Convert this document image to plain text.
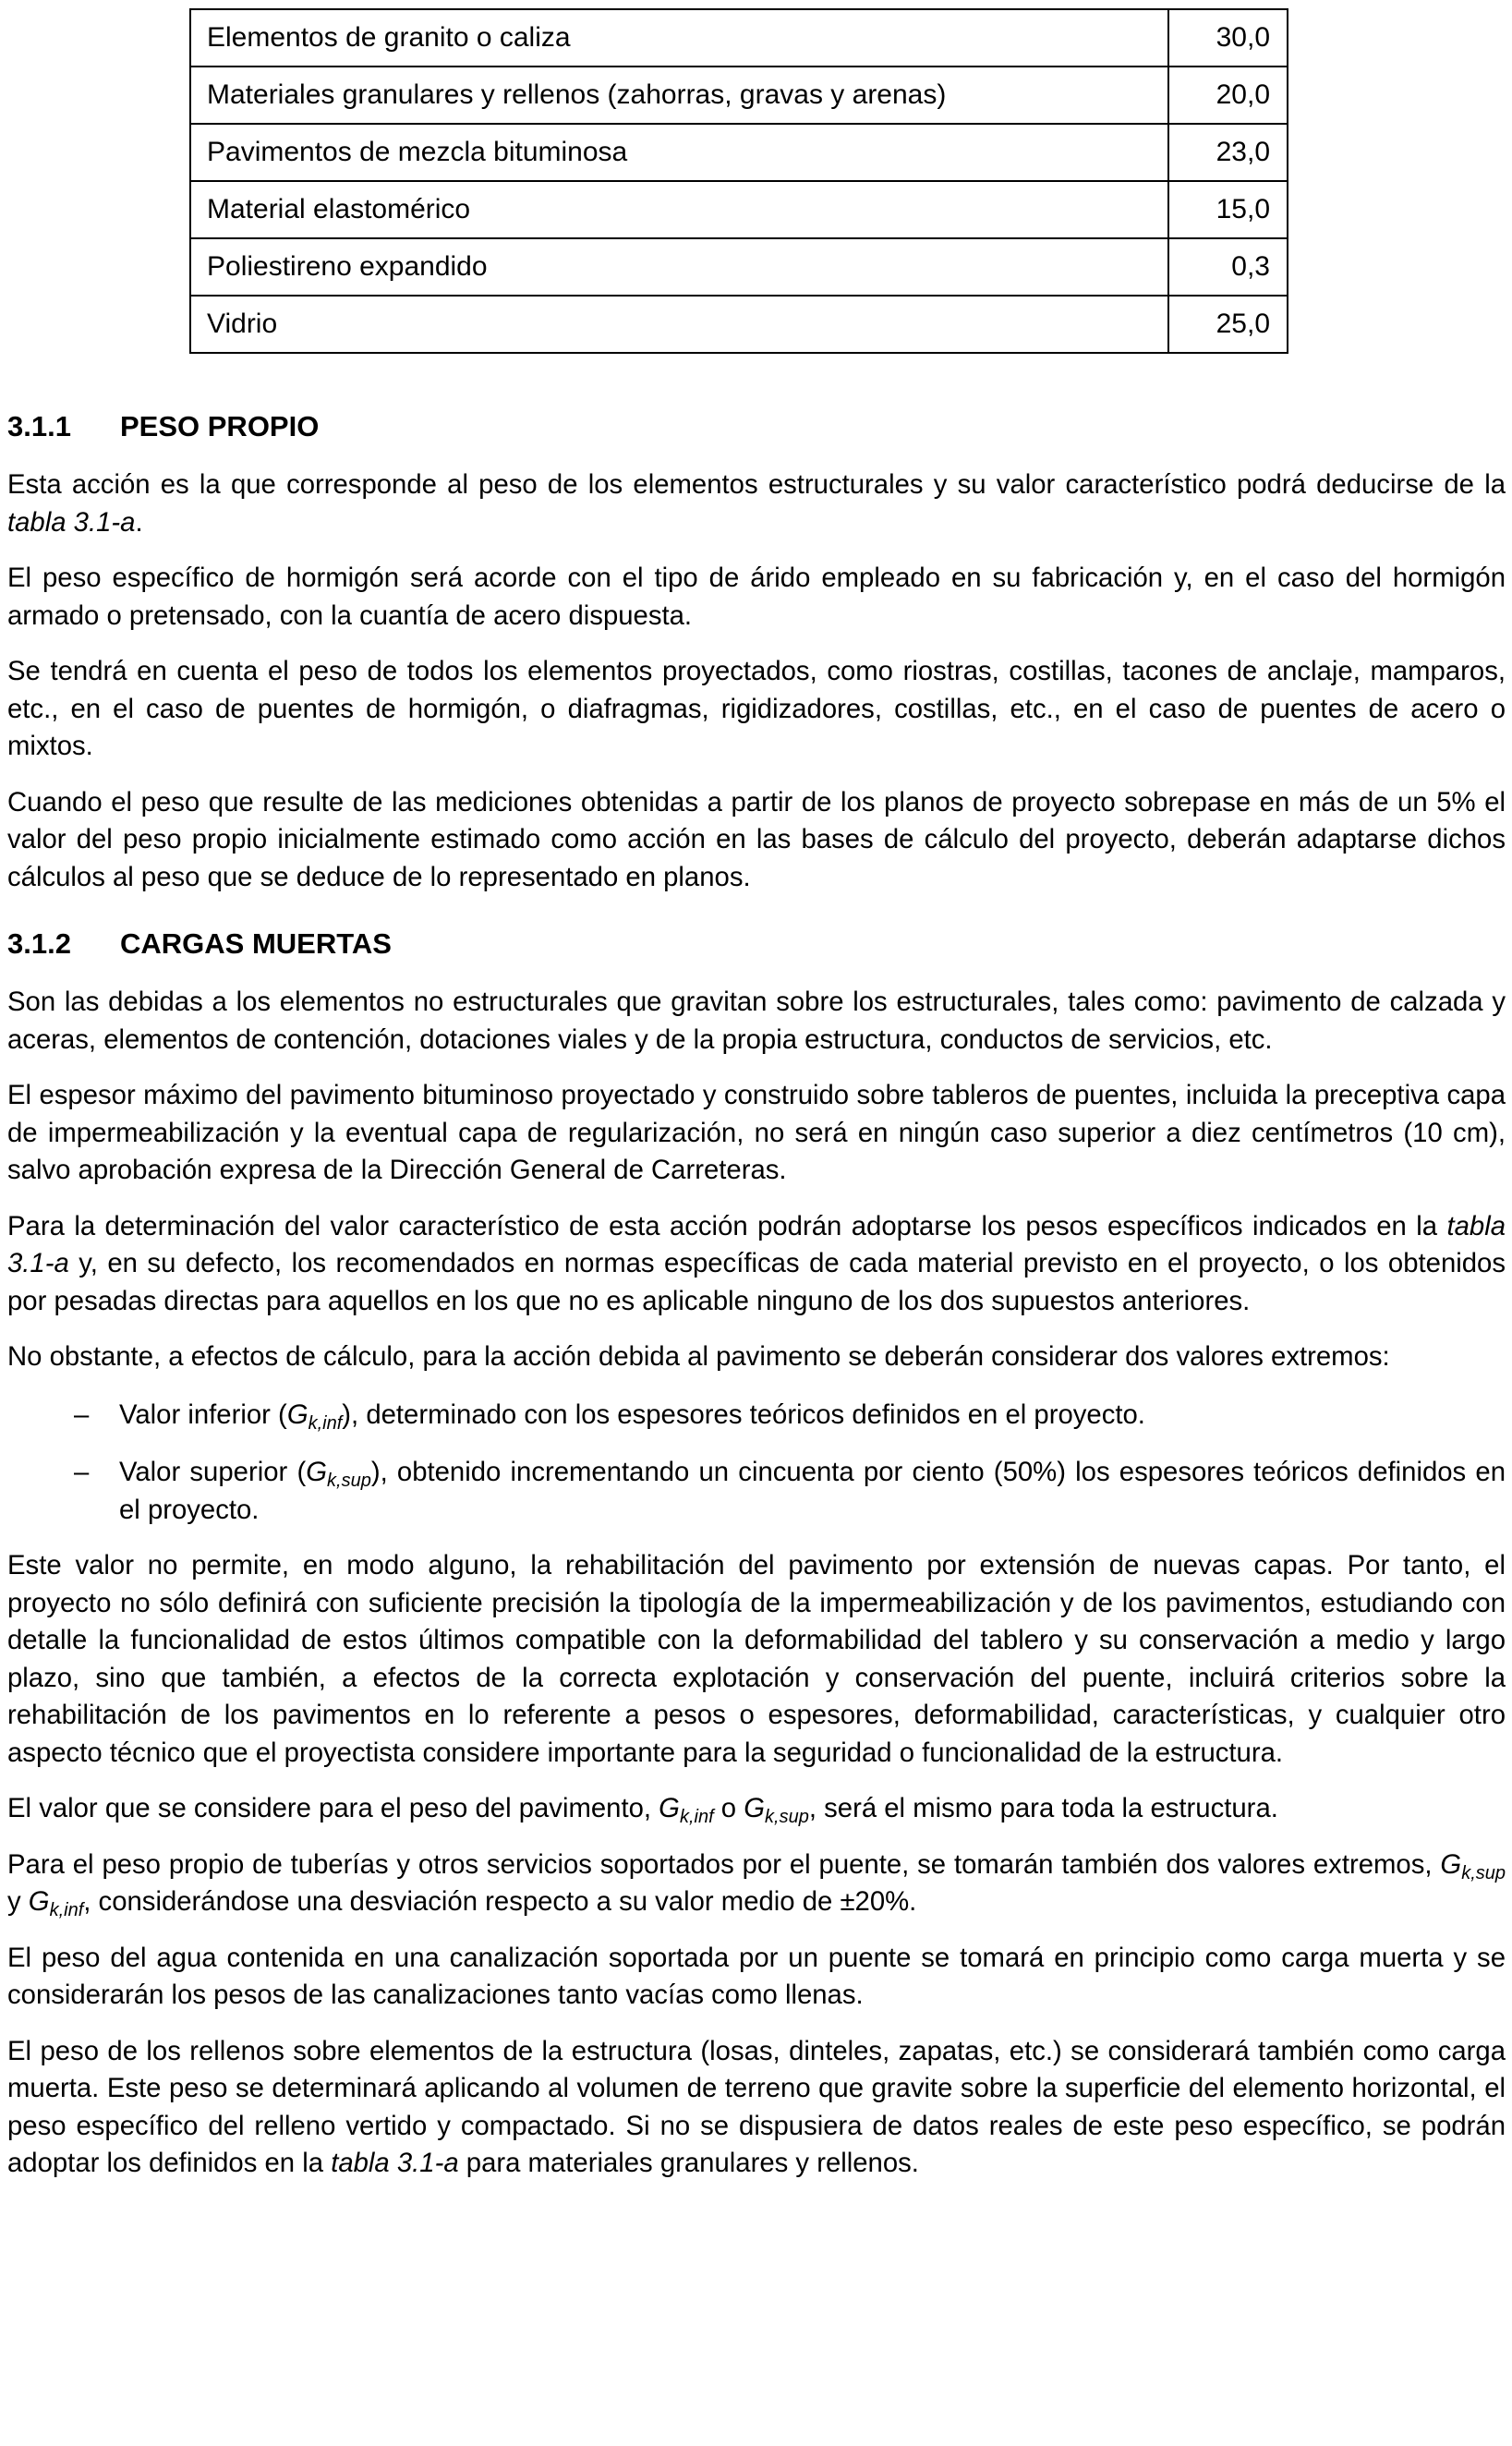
Elementos de granito o caliza	30,0
Materiales granulares y rellenos (zahorras, gravas y arenas)	20,0
Pavimentos de mezcla bituminosa	23,0
Material elastomérico	15,0
Poliestireno expandido	0,3
Vidrio	25,0
3.1.1 PESO PROPIO

Esta acción es la que corresponde al peso de los elementos estructurales y su valor característico podrá deducirse de la tabla 3.1-a.

El peso específico de hormigón será acorde con el tipo de árido empleado en su fabricación y, en el caso del hormigón armado o pretensado, con la cuantía de acero dispuesta.

Se tendrá en cuenta el peso de todos los elementos proyectados, como riostras, costillas, tacones de anclaje, mamparos, etc., en el caso de puentes de hormigón, o diafragmas, rigidizadores, costillas, etc., en el caso de puentes de acero o mixtos.

Cuando el peso que resulte de las mediciones obtenidas a partir de los planos de proyecto sobrepase en más de un 5% el valor del peso propio inicialmente estimado como acción en las bases de cálculo del proyecto, deberán adaptarse dichos cálculos al peso que se deduce de lo representado en planos.

3.1.2 CARGAS MUERTAS

Son las debidas a los elementos no estructurales que gravitan sobre los estructurales, tales como: pavimento de calzada y aceras, elementos de contención, dotaciones viales y de la propia estructura, conductos de servicios, etc.

El espesor máximo del pavimento bituminoso proyectado y construido sobre tableros de puentes, incluida la preceptiva capa de impermeabilización y la eventual capa de regularización, no será en ningún caso superior a diez centímetros (10 cm), salvo aprobación expresa de la Dirección General de Carreteras.

Para la determinación del valor característico de esta acción podrán adoptarse los pesos específicos indicados en la tabla 3.1-a y, en su defecto, los recomendados en normas específicas de cada material previsto en el proyecto, o los obtenidos por pesadas directas para aquellos en los que no es aplicable ninguno de los dos supuestos anteriores.

No obstante, a efectos de cálculo, para la acción debida al pavimento se deberán considerar dos valores extremos:

– Valor inferior $(G_{k,inf})$, determinado con los espesores teóricos definidos en el proyecto.
– Valor superior $(G_{k,sup})$, obtenido incrementando un cincuenta por ciento (50%) los espesores teóricos definidos en el proyecto.

Este valor no permite, en modo alguno, la rehabilitación del pavimento por extensión de nuevas capas. Por tanto, el proyecto no sólo definirá con suficiente precisión la tipología de la impermeabilización y de los pavimentos, estudiando con detalle la funcionalidad de estos últimos compatible con la deformabilidad del tablero y su conservación a medio y largo plazo, sino que también, a efectos de la correcta explotación y conservación del puente, incluirá criterios sobre la rehabilitación de los pavimentos en lo referente a pesos o espesores, deformabilidad, características, y cualquier otro aspecto técnico que el proyectista considere importante para la seguridad o funcionalidad de la estructura.

El valor que se considere para el peso del pavimento, $G_{k,inf}$ o $G_{k,sup}$, será el mismo para toda la estructura.

Para el peso propio de tuberías y otros servicios soportados por el puente, se tomarán también dos valores extremos, $G_{k,sup}$ y $G_{k,inf}$, considerándose una desviación respecto a su valor medio de ±20%.

El peso del agua contenida en una canalización soportada por un puente se tomará en principio como carga muerta y se considerarán los pesos de las canalizaciones tanto vacías como llenas.

El peso de los rellenos sobre elementos de la estructura (losas, dinteles, zapatas, etc.) se considerará también como carga muerta. Este peso se determinará aplicando al volumen de terreno que gravite sobre la superficie del elemento horizontal, el peso específico del relleno vertido y compactado. Si no se dispusiera de datos reales de este peso específico, se podrán adoptar los definidos en la tabla 3.1-a para materiales granulares y rellenos.
